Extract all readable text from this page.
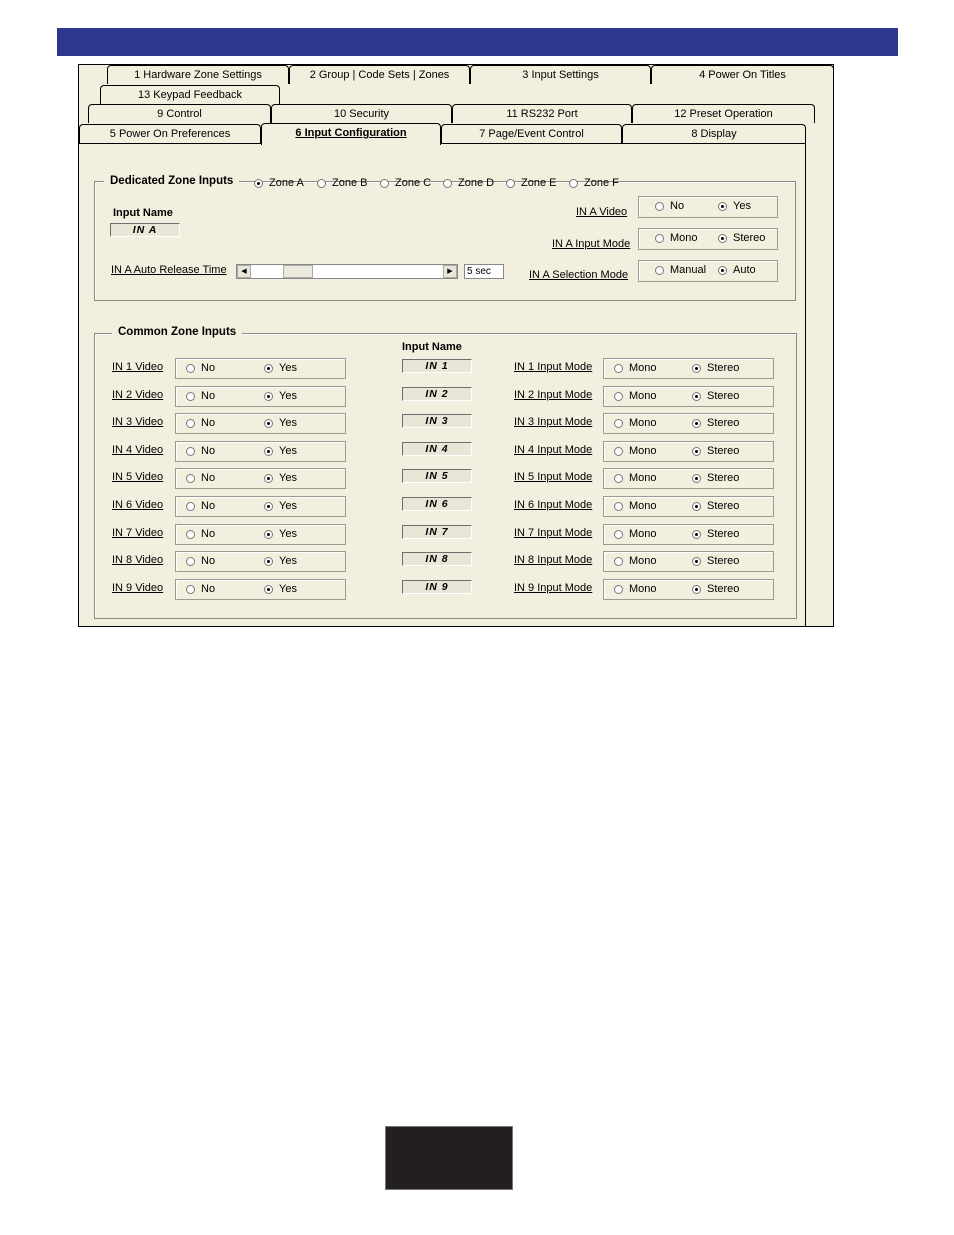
1 Hardware Zone Settings	2 Group | Code Sets | Zones	3 Input Settings	4 Power On Titles
13 Keypad Feedback
9 Control	10 Security	11 RS232 Port	12 Preset Operation
5 Power On Preferences	6 Input Configuration	7 Page/Event Control	8 Display
Dedicated Zone Inputs	Zone A	Zone B	Zone C Zone D Zone E	Zone F
Input Name
IN A
IN A Auto Release Time	◀	▶	5 sec
IN A Video	No	Yes
IN A Input Mode	Mono	Stereo
IN A Selection Mode	Manual Auto
Common Zone Inputs
Input Name
IN 1 Video	No	Yes	IN 1	IN 1 Input Mode	Mono	Stereo
IN 2 Video	No	Yes	IN 2	IN 2 Input Mode	Mono	Stereo
IN 3 Video	No	Yes	IN 3	IN 3 Input Mode	Mono	Stereo
IN 4 Video	No	Yes	IN 4	IN 4 Input Mode	Mono	Stereo
IN 5 Video	No	Yes	IN 5	IN 5 Input Mode	Mono	Stereo
IN 6 Video	No	Yes	IN 6	IN 6 Input Mode	Mono	Stereo
IN 7 Video	No	Yes	IN 7	IN 7 Input Mode	Mono	Stereo
IN 8 Video	No	Yes	IN 8	IN 8 Input Mode	Mono	Stereo
IN 9 Video	No	Yes	IN 9	IN 9 Input Mode	Mono	Stereo
